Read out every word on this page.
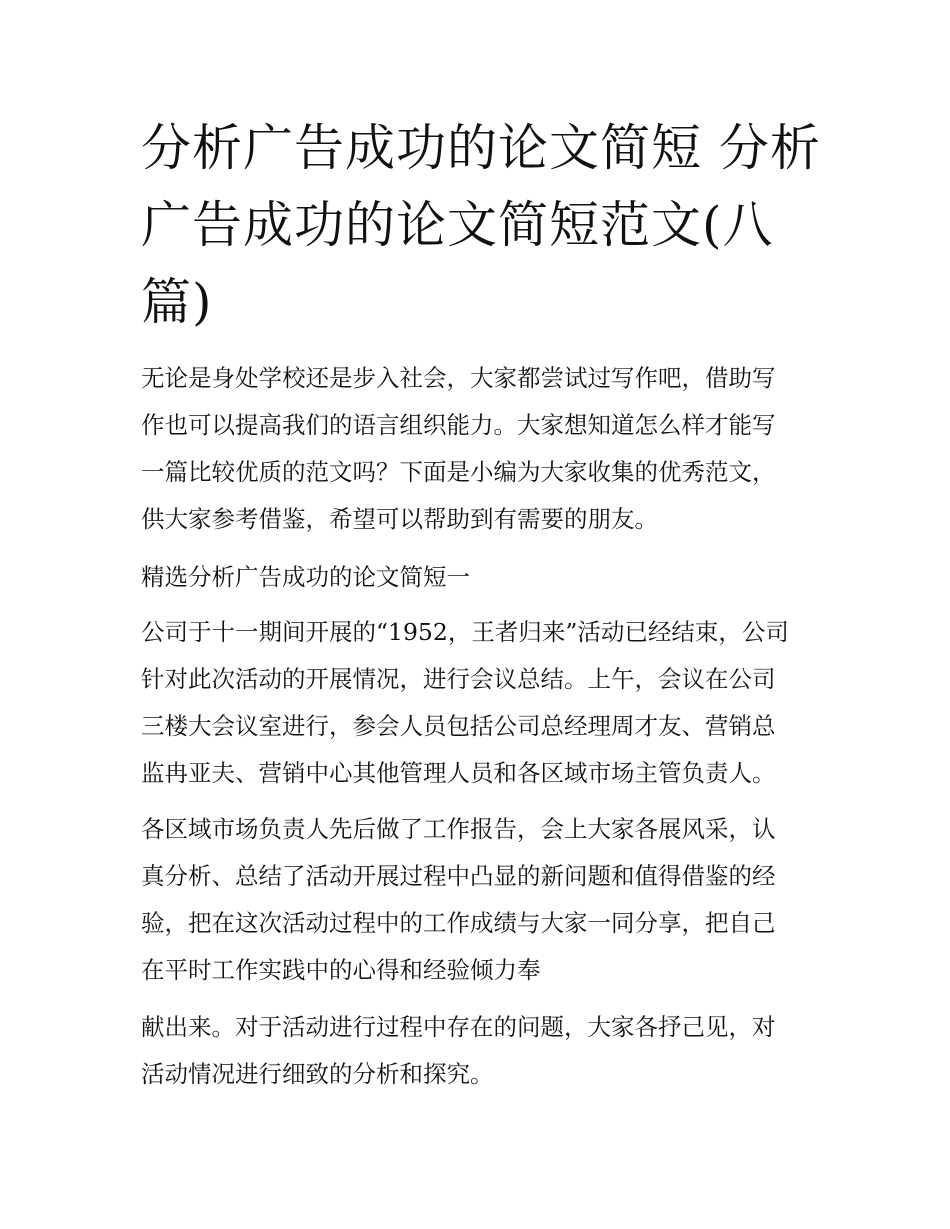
分析广告成功的论文简短 分析
广告成功的论文简短范文(八
篇)
无论是身处学校还是步入社会，大家都尝试过写作吧，借助写
作也可以提高我们的语言组织能力。大家想知道怎么样才能写
一篇比较优质的范文吗？下面是小编为大家收集的优秀范文，
供大家参考借鉴，希望可以帮助到有需要的朋友。
精选分析广告成功的论文简短一
公司于十一期间开展的“1952，王者归来”活动已经结束，公司
针对此次活动的开展情况，进行会议总结。上午，会议在公司
三楼大会议室进行，参会人员包括公司总经理周才友、营销总
监冉亚夫、营销中心其他管理人员和各区域市场主管负责人。
各区域市场负责人先后做了工作报告，会上大家各展风采，认
真分析、总结了活动开展过程中凸显的新问题和值得借鉴的经
验，把在这次活动过程中的工作成绩与大家一同分享，把自己
在平时工作实践中的心得和经验倾力奉
献出来。对于活动进行过程中存在的问题，大家各抒己见，对
活动情况进行细致的分析和探究。
